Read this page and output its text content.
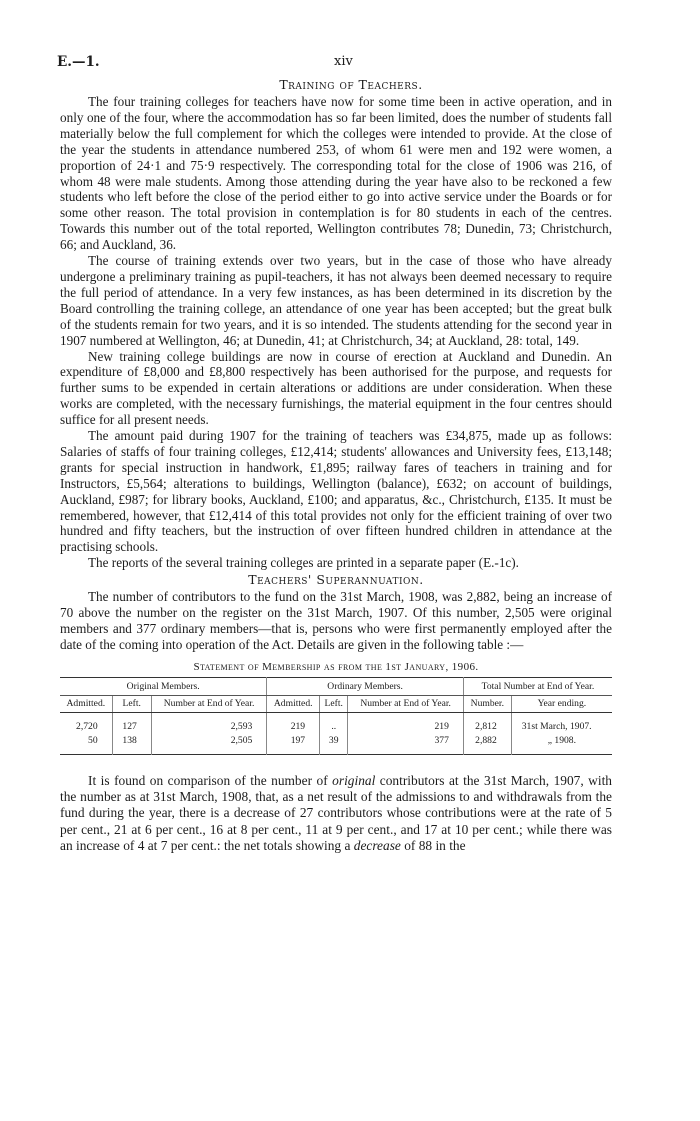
E.—1.	xiv
Training of Teachers.

The four training colleges for teachers have now for some time been in active operation, and in only one of the four, where the accommodation has so far been limited, does the number of students fall materially below the full complement for which the colleges were intended to provide. At the close of the year the students in attendance numbered 253, of whom 61 were men and 192 were women, a proportion of 24·1 and 75·9 respectively. The corresponding total for the close of 1906 was 216, of whom 48 were male students. Among those attending during the year have also to be reckoned a few students who left before the close of the period either to go into active service under the Boards or for some other reason. The total provision in contemplation is for 80 students in each of the centres. Towards this number out of the total reported, Wellington contributes 78; Dunedin, 73; Christchurch, 66; and Auckland, 36.

The course of training extends over two years, but in the case of those who have already undergone a preliminary training as pupil-teachers, it has not always been deemed necessary to require the full period of attendance. In a very few instances, as has been determined in its discretion by the Board controlling the training college, an attendance of one year has been accepted; but the great bulk of the students remain for two years, and it is so intended. The students attending for the second year in 1907 numbered at Wellington, 46; at Dunedin, 41; at Christchurch, 34; at Auckland, 28: total, 149.

New training college buildings are now in course of erection at Auckland and Dunedin. An expenditure of £8,000 and £8,800 respectively has been authorised for the purpose, and requests for further sums to be expended in certain alterations or additions are under consideration. When these works are completed, with the necessary furnishings, the material equipment in the four centres should suffice for all present needs.

The amount paid during 1907 for the training of teachers was £34,875, made up as follows: Salaries of staffs of four training colleges, £12,414; students' allowances and University fees, £13,148; grants for special instruction in handwork, £1,895; railway fares of teachers in training and for Instructors, £5,564; alterations to buildings, Wellington (balance), £632; on account of buildings, Auckland, £987; for library books, Auckland, £100; and apparatus, &c., Christchurch, £135. It must be remembered, however, that £12,414 of this total provides not only for the efficient training of over two hundred and fifty teachers, but the instruction of over fifteen hundred children in attendance at the practising schools.

The reports of the several training colleges are printed in a separate paper (E.-1c).

Teachers' Superannuation.

The number of contributors to the fund on the 31st March, 1908, was 2,882, being an increase of 70 above the number on the register on the 31st March, 1907. Of this number, 2,505 were original members and 377 ordinary members—that is, persons who were first permanently employed after the date of the coming into operation of the Act. Details are given in the following table :—

Statement of Membership as from the 1st January, 1906.
Original Members.			Ordinary Members.			Total Number at End of Year.	
Admitted.	Left.	Number at End of Year.	Admitted.	Left.	Number at End of Year.	Number.	Year ending.
2,720	127	2,593	219	..	219	2,812	31st March, 1907.
50	138	2,505	197	39	377	2,882	„ 1908.

It is found on comparison of the number of original contributors at the 31st March, 1907, with the number as at 31st March, 1908, that, as a net result of the admissions to and withdrawals from the fund during the year, there is a decrease of 27 contributors whose contributions were at the rate of 5 per cent., 21 at 6 per cent., 16 at 8 per cent., 11 at 9 per cent., and 17 at 10 per cent.; while there was an increase of 4 at 7 per cent.: the net totals showing a decrease of 88 in the
